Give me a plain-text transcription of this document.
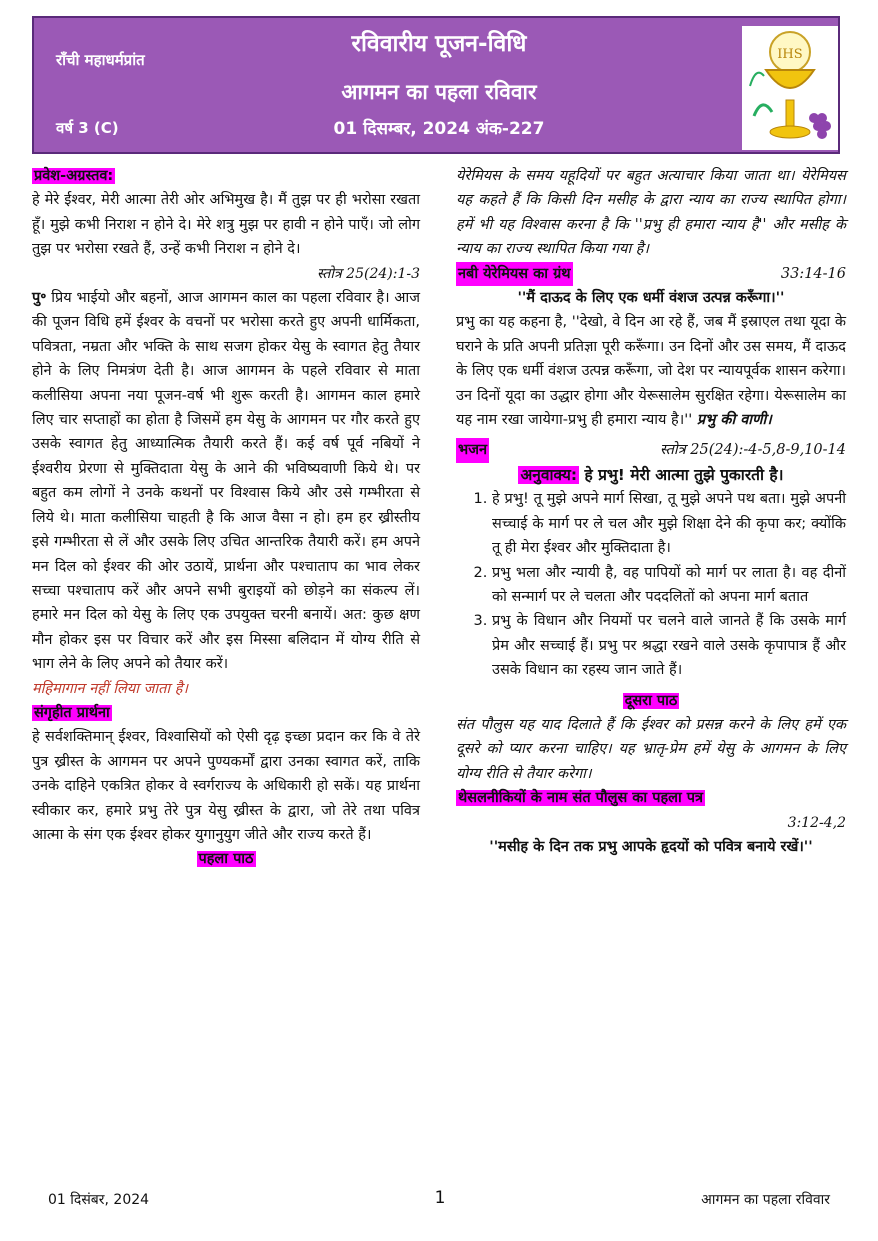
राँची महाधर्मप्रांत
वर्ष 3 (C)
रविवारीय पूजन-विधि
आगमन का पहला रविवार
01 दिसम्बर, 2024 अंक-227
IHS

प्रवेश-अग्रस्तव:

हे मेरे ईश्वर, मेरी आत्मा तेरी ओर अभिमुख है। मैं तुझ पर ही भरोसा रखता हूँ। मुझे कभी निराश न होने दे। मेरे शत्रु मुझ पर हावी न होने पाएँ। जो लोग तुझ पर भरोसा रखते हैं, उन्हें कभी निराश न होने दे।

स्तोत्र 25(24):1-3

पु॰ प्रिय भाईयो और बहनों, आज आगमन काल का पहला रविवार है। आज की पूजन विधि हमें ईश्वर के वचनों पर भरोसा करते हुए अपनी धार्मिकता, पवित्रता, नम्रता और भक्ति के साथ सजग होकर येसु के स्वागत हेतु तैयार होने के लिए निमत्रंण देती है। आज आगमन के पहले रविवार से माता कलीसिया अपना नया पूजन-वर्ष भी शुरू करती है। आगमन काल हमारे लिए चार सप्ताहों का होता है जिसमें हम येसु के आगमन पर गौर करते हुए उसके स्वागत हेतु आध्यात्मिक तैयारी करते हैं। कई वर्ष पूर्व नबियों ने ईश्वरीय प्रेरणा से मुक्तिदाता येसु के आने की भविष्यवाणी किये थे। पर बहुत कम लोगों ने उनके कथनों पर विश्वास किये और उसे गम्भीरता से लिये थे। माता कलीसिया चाहती है कि आज वैसा न हो। हम हर ख्रीस्तीय इसे गम्भीरता से लें और उसके लिए उचित आन्तरिक तैयारी करें। हम अपने मन दिल को ईश्वर की ओर उठायें, प्रार्थना और पश्चाताप का भाव लेकर सच्चा पश्चाताप करें और अपने सभी बुराइयों को छोड़ने का संकल्प लें। हमारे मन दिल को येसु के लिए एक उपयुक्त चरनी बनायें। अत: कुछ क्षण मौन होकर इस पर विचार करें और इस मिस्सा बलिदान में योग्य रीति से भाग लेने के लिए अपने को तैयार करें।

महिमागान नहीं लिया जाता है।

संगृहीत प्रार्थना

हे सर्वशक्तिमान् ईश्वर, विश्वासियों को ऐसी दृढ़ इच्छा प्रदान कर कि वे तेरे पुत्र ख्रीस्त के आगमन पर अपने पुण्यकर्मों द्वारा उनका स्वागत करें, ताकि उनके दाहिने एकत्रित होकर वे स्वर्गराज्य के अधिकारी हो सकें। यह प्रार्थना स्वीकार कर, हमारे प्रभु तेरे पुत्र येसु ख्रीस्त के द्वारा, जो तेरे तथा पवित्र आत्मा के संग एक ईश्वर होकर युगानुयुग जीते और राज्य करते हैं।

पहला पाठ

येरेमियस के समय यहूदियों पर बहुत अत्याचार किया जाता था। येरेमियस यह कहते हैं कि किसी दिन मसीह के द्वारा न्याय का राज्य स्थापित होगा। हमें भी यह विश्वास करना है कि ''प्रभु ही हमारा न्याय है'' और मसीह के न्याय का राज्य स्थापित किया गया है।

नबी येरेमियस का ग्रंथ	33:14-16

''मैं दाऊद के लिए एक धर्मी वंशज उत्पन्न करूँगा।''

प्रभु का यह कहना है, ''देखो, वे दिन आ रहे हैं, जब मैं इस्राएल तथा यूदा के घराने के प्रति अपनी प्रतिज्ञा पूरी करूँगा। उन दिनों और उस समय, मैं दाऊद के लिए एक धर्मी वंशज उत्पन्न करूँगा, जो देश पर न्यायपूर्वक शासन करेगा। उन दिनों यूदा का उद्धार होगा और येरूसालेम सुरक्षित रहेगा। येरूसालेम का यह नाम रखा जायेगा-प्रभु ही हमारा न्याय है।'' प्रभु की वाणी।

भजन	स्तोत्र 25(24):-4-5,8-9,10-14

अनुवाक्य: हे प्रभु! मेरी आत्मा तुझे पुकारती है।

1. हे प्रभु! तू मुझे अपने मार्ग सिखा, तू मुझे अपने पथ बता। मुझे अपनी सच्चाई के मार्ग पर ले चल और मुझे शिक्षा देने की कृपा कर; क्योंकि तू ही मेरा ईश्वर और मुक्तिदाता है।
2. प्रभु भला और न्यायी है, वह पापियों को मार्ग पर लाता है। वह दीनों को सन्मार्ग पर ले चलता और पददलितों को अपना मार्ग बतात
3. प्रभु के विधान और नियमों पर चलने वाले जानते हैं कि उसके मार्ग प्रेम और सच्चाई हैं। प्रभु पर श्रद्धा रखने वाले उसके कृपापात्र हैं और उसके विधान का रहस्य जान जाते हैं।

दूसरा पाठ

संत पौलुस यह याद दिलाते हैं कि ईश्वर को प्रसन्न करने के लिए हमें एक दूसरे को प्यार करना चाहिए। यह भ्रातृ-प्रेम हमें येसु के आगमन के लिए योग्य रीति से तैयार करेगा।

थेसलनीकियों के नाम संत पौलुस का पहला पत्र

3:12-4,2

''मसीह के दिन तक प्रभु आपके हृदयों को पवित्र बनाये रखें।''

01 दिसंबर, 2024	1	आगमन का पहला रविवार
